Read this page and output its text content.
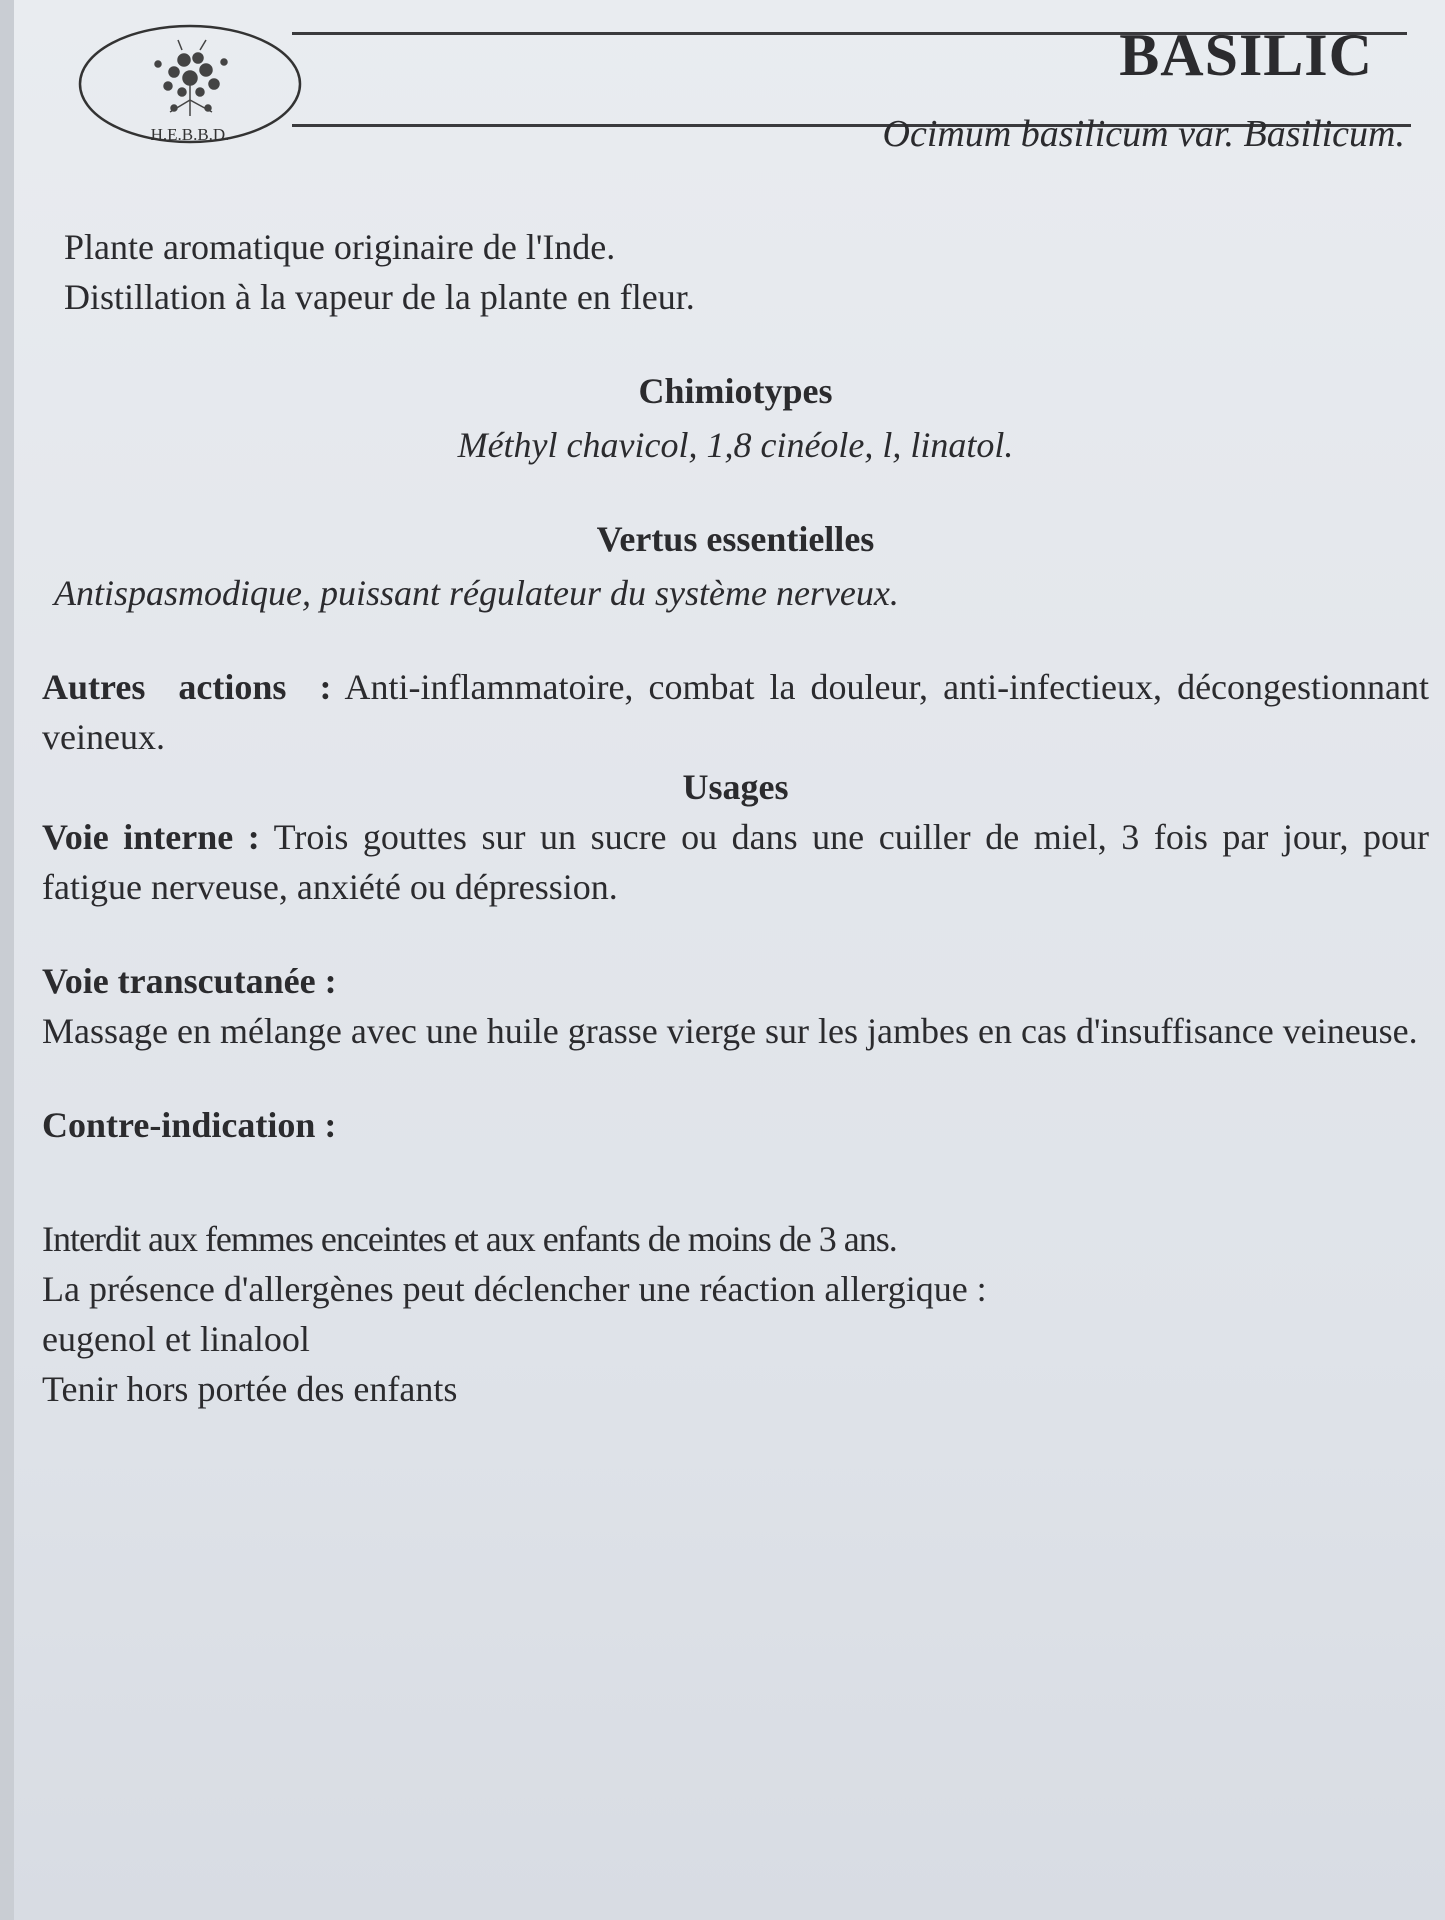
H.E.B.B.D.
BASILIC

Ocimum basilicum var. Basilicum.

Plante aromatique originaire de l'Inde.

Distillation à la vapeur de la plante en fleur.

Chimiotypes

Méthyl chavicol, 1,8 cinéole, l, linatol.

Vertus essentielles

Antispasmodique, puissant régulateur du système nerveux.

Autres actions : Anti-inflammatoire, combat la douleur, anti-infectieux, décongestionnant veineux.

Usages

Voie interne : Trois gouttes sur un sucre ou dans une cuiller de miel, 3 fois par jour, pour fatigue nerveuse, anxiété ou dépression.

Voie transcutanée :

Massage en mélange avec une huile grasse vierge sur les jambes en cas d'insuffisance veineuse.

Contre-indication :

Interdit aux femmes enceintes et aux enfants de moins de 3 ans.

La présence d'allergènes peut déclencher une réaction allergique :

eugenol et linalool

Tenir hors portée des enfants
